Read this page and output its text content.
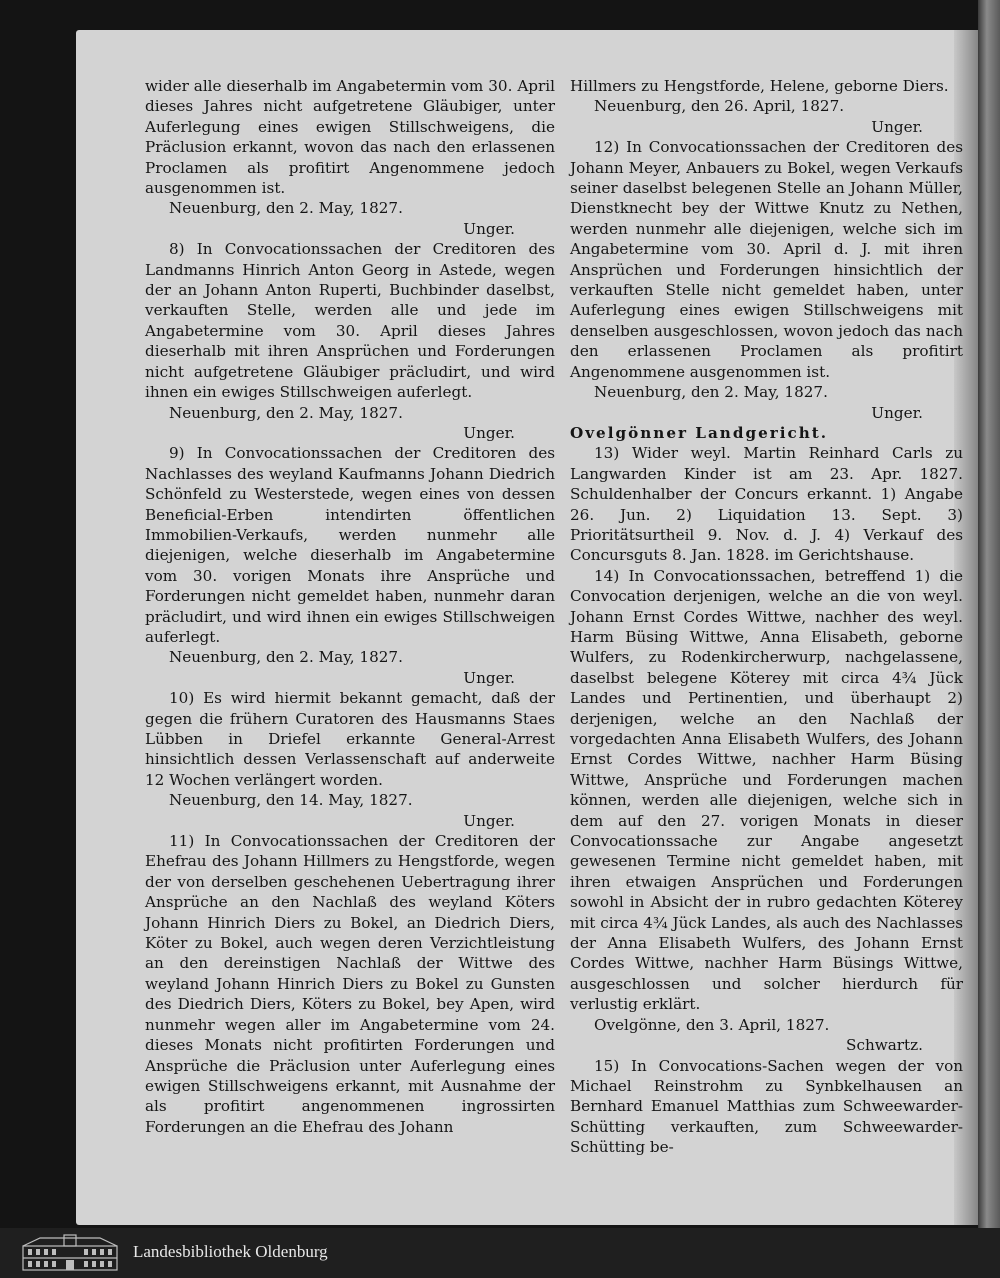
wider alle dieserhalb im Angabetermin vom 30. April dieses Jahres nicht aufgetretene Gläubiger, unter Auferlegung eines ewigen Stillschweigens, die Präclusion erkannt, wovon das nach den erlassenen Proclamen als profitirt Angenommene jedoch ausgenommen ist.

Neuenburg, den 2. May, 1827.

Unger.

8) In Convocationssachen der Creditoren des Landmanns Hinrich Anton Georg in Astede, wegen der an Johann Anton Ruperti, Buchbinder daselbst, verkauften Stelle, werden alle und jede im Angabetermine vom 30. April dieses Jahres dieserhalb mit ihren Ansprüchen und Forderungen nicht aufgetretene Gläubiger präcludirt, und wird ihnen ein ewiges Stillschweigen auferlegt.

Neuenburg, den 2. May, 1827.

Unger.

9) In Convocationssachen der Creditoren des Nachlasses des weyland Kaufmanns Johann Diedrich Schönfeld zu Westerstede, wegen eines von dessen Beneficial-Erben intendirten öffentlichen Immobilien-Verkaufs, werden nunmehr alle diejenigen, welche dieserhalb im Angabetermine vom 30. vorigen Monats ihre Ansprüche und Forderungen nicht gemeldet haben, nunmehr daran präcludirt, und wird ihnen ein ewiges Stillschweigen auferlegt.

Neuenburg, den 2. May, 1827.

Unger.

10) Es wird hiermit bekannt gemacht, daß der gegen die frühern Curatoren des Hausmanns Staes Lübben in Driefel erkannte General-Arrest hinsichtlich dessen Verlassenschaft auf anderweite 12 Wochen verlängert worden.

Neuenburg, den 14. May, 1827.

Unger.

11) In Convocationssachen der Creditoren der Ehefrau des Johann Hillmers zu Hengstforde, wegen der von derselben geschehenen Uebertragung ihrer Ansprüche an den Nachlaß des weyland Köters Johann Hinrich Diers zu Bokel, an Diedrich Diers, Köter zu Bokel, auch wegen deren Verzichtleistung an den dereinstigen Nachlaß der Wittwe des weyland Johann Hinrich Diers zu Bokel zu Gunsten des Diedrich Diers, Köters zu Bokel, bey Apen, wird nunmehr wegen aller im Angabetermine vom 24. dieses Monats nicht profitirten Forderungen und Ansprüche die Präclusion unter Auferlegung eines ewigen Stillschweigens erkannt, mit Ausnahme der als profitirt angenommenen ingrossirten Forderungen an die Ehefrau des Johann

Hillmers zu Hengstforde, Helene, geborne Diers.

Neuenburg, den 26. April, 1827.

Unger.

12) In Convocationssachen der Creditoren des Johann Meyer, Anbauers zu Bokel, wegen Verkaufs seiner daselbst belegenen Stelle an Johann Müller, Dienstknecht bey der Wittwe Knutz zu Nethen, werden nunmehr alle diejenigen, welche sich im Angabetermine vom 30. April d. J. mit ihren Ansprüchen und Forderungen hinsichtlich der verkauften Stelle nicht gemeldet haben, unter Auferlegung eines ewigen Stillschweigens mit denselben ausgeschlossen, wovon jedoch das nach den erlassenen Proclamen als profitirt Angenommene ausgenommen ist.

Neuenburg, den 2. May, 1827.

Unger.

Ovelgönner Landgericht.

13) Wider weyl. Martin Reinhard Carls zu Langwarden Kinder ist am 23. Apr. 1827. Schuldenhalber der Concurs erkannt. 1) Angabe 26. Jun. 2) Liquidation 13. Sept. 3) Prioritätsurtheil 9. Nov. d. J. 4) Verkauf des Concursguts 8. Jan. 1828. im Gerichtshause.

14) In Convocationssachen, betreffend 1) die Convocation derjenigen, welche an die von weyl. Johann Ernst Cordes Wittwe, nachher des weyl. Harm Büsing Wittwe, Anna Elisabeth, geborne Wulfers, zu Rodenkircherwurp, nachgelassene, daselbst belegene Köterey mit circa 4¾ Jück Landes und Pertinentien, und überhaupt 2) derjenigen, welche an den Nachlaß der vorgedachten Anna Elisabeth Wulfers, des Johann Ernst Cordes Wittwe, nachher Harm Büsing Wittwe, Ansprüche und Forderungen machen können, werden alle diejenigen, welche sich in dem auf den 27. vorigen Monats in dieser Convocationssache zur Angabe angesetzt gewesenen Termine nicht gemeldet haben, mit ihren etwaigen Ansprüchen und Forderungen sowohl in Absicht der in rubro gedachten Köterey mit circa 4¾ Jück Landes, als auch des Nachlasses der Anna Elisabeth Wulfers, des Johann Ernst Cordes Wittwe, nachher Harm Büsings Wittwe, ausgeschlossen und solcher hierdurch für verlustig erklärt.

Ovelgönne, den 3. April, 1827.

Schwartz.

15) In Convocations-Sachen wegen der von Michael Reinstrohm zu Synbkelhausen an Bernhard Emanuel Matthias zum Schweewarder-Schütting verkauften, zum Schweewarder-Schütting be-

Landesbibliothek Oldenburg
